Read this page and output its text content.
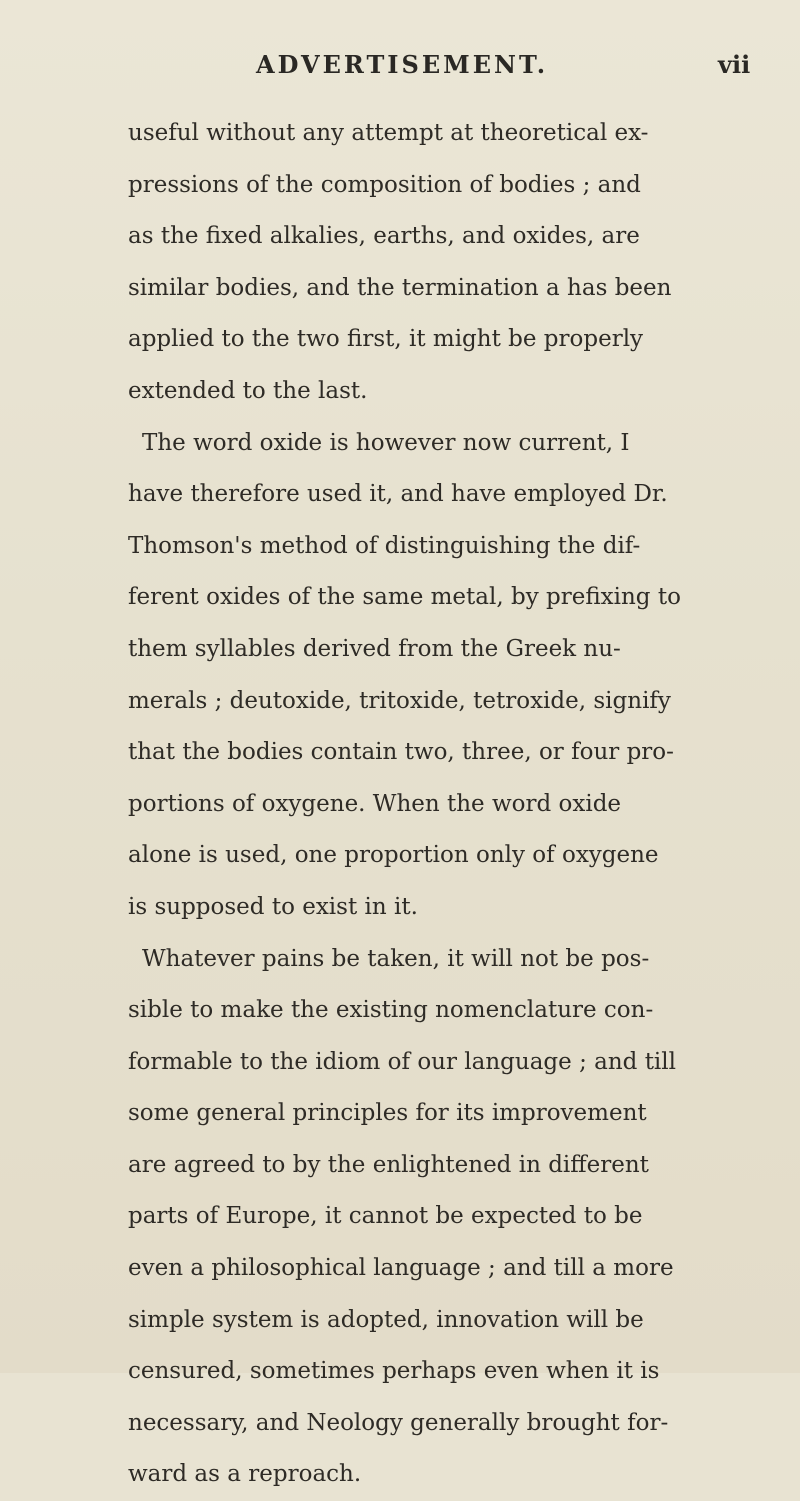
ADVERTISEMENT.	vii
useful without any attempt at theoretical ex-
pressions of the composition of bodies ; and
as the fixed alkalies, earths, and oxides, are
similar bodies, and the termination a has been
applied to the two first, it might be properly
extended to the last.
The word oxide is however now current, I
have therefore used it, and have employed Dr.
Thomson's method of distinguishing the dif-
ferent oxides of the same metal, by prefixing to
them syllables derived from the Greek nu-
merals ; deutoxide, tritoxide, tetroxide, signify
that the bodies contain two, three, or four pro-
portions of oxygene. When the word oxide
alone is used, one proportion only of oxygene
is supposed to exist in it.
Whatever pains be taken, it will not be pos-
sible to make the existing nomenclature con-
formable to the idiom of our language ; and till
some general principles for its improvement
are agreed to by the enlightened in different
parts of Europe, it cannot be expected to be
even a philosophical language ; and till a more
simple system is adopted, innovation will be
censured, sometimes perhaps even when it is
necessary, and Neology generally brought for-
ward as a reproach.
